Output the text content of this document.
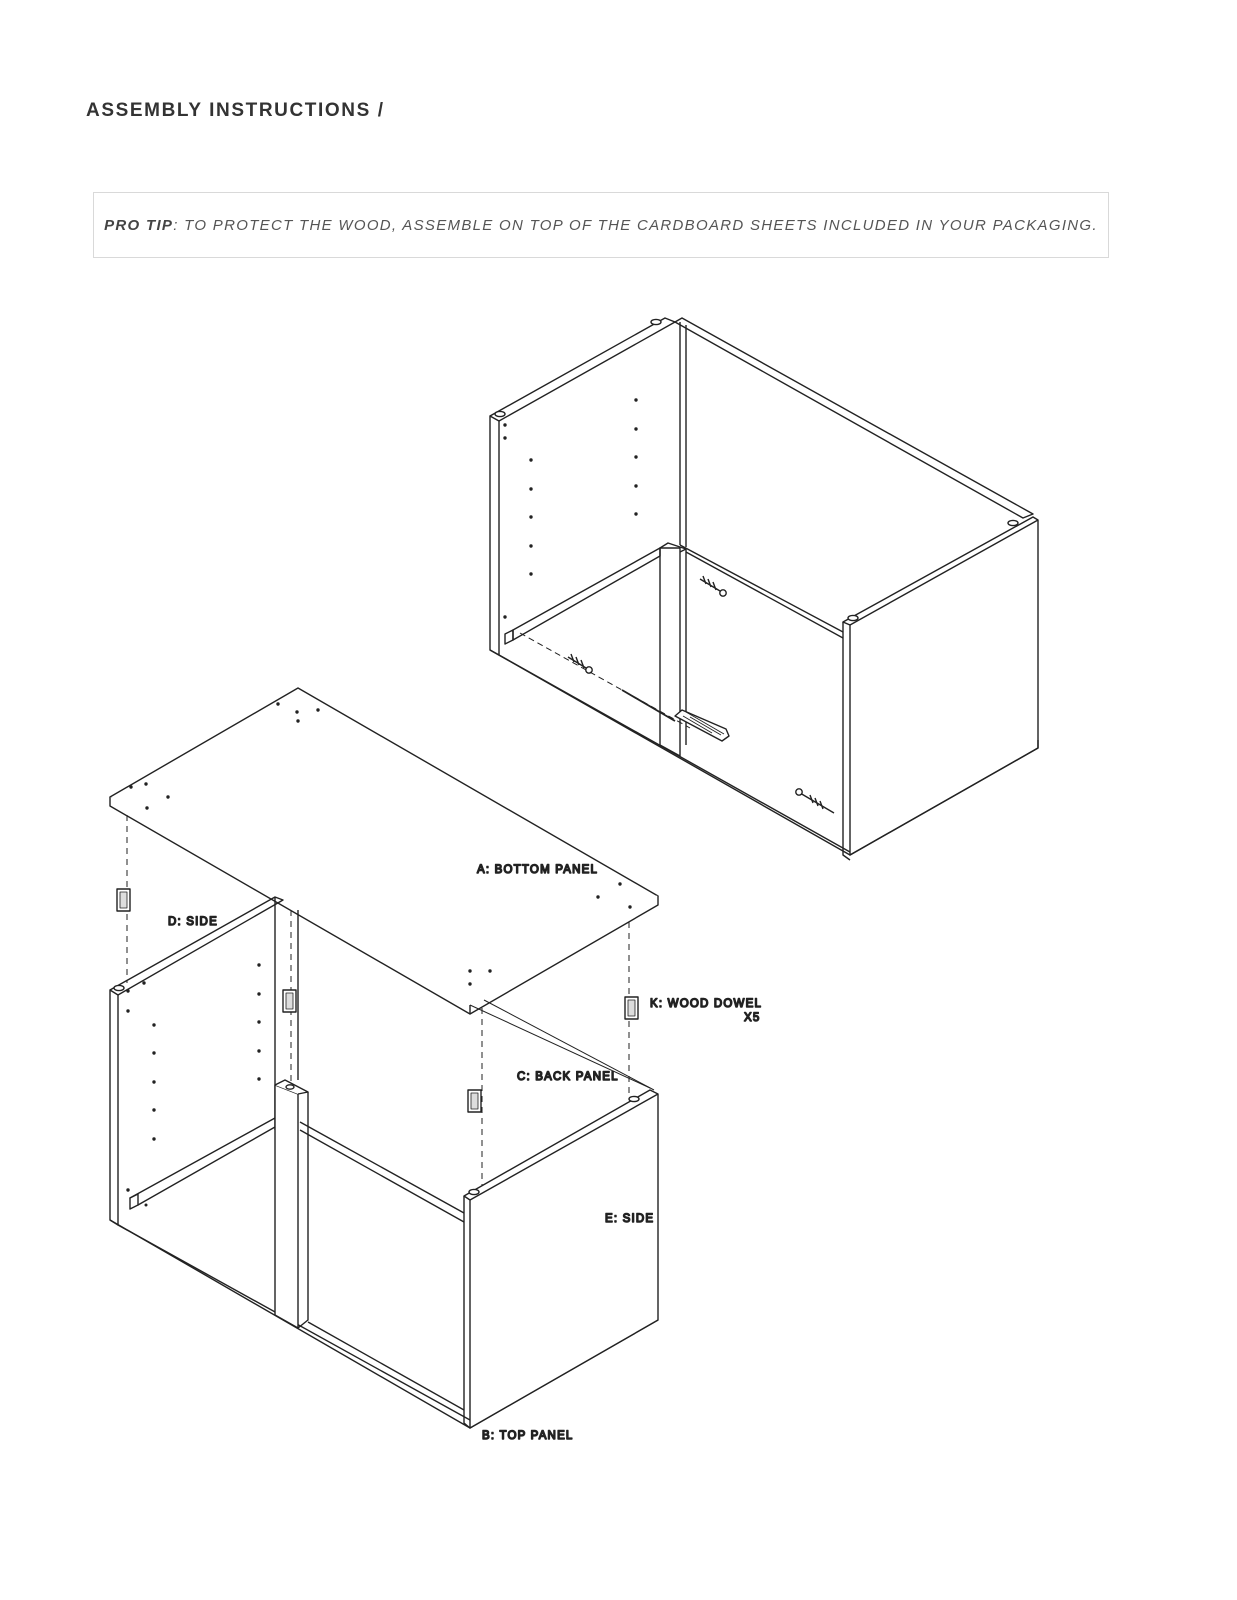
ASSEMBLY INSTRUCTIONS /
PRO TIP : TO PROTECT THE WOOD, ASSEMBLE ON TOP OF THE CARDBOARD SHEETS INCLUDED IN YOUR PACKAGING.
A: BOTTOM PANEL
D: SIDE
K: WOOD DOWEL
X5
C: BACK PANEL
E: SIDE
B: TOP PANEL
